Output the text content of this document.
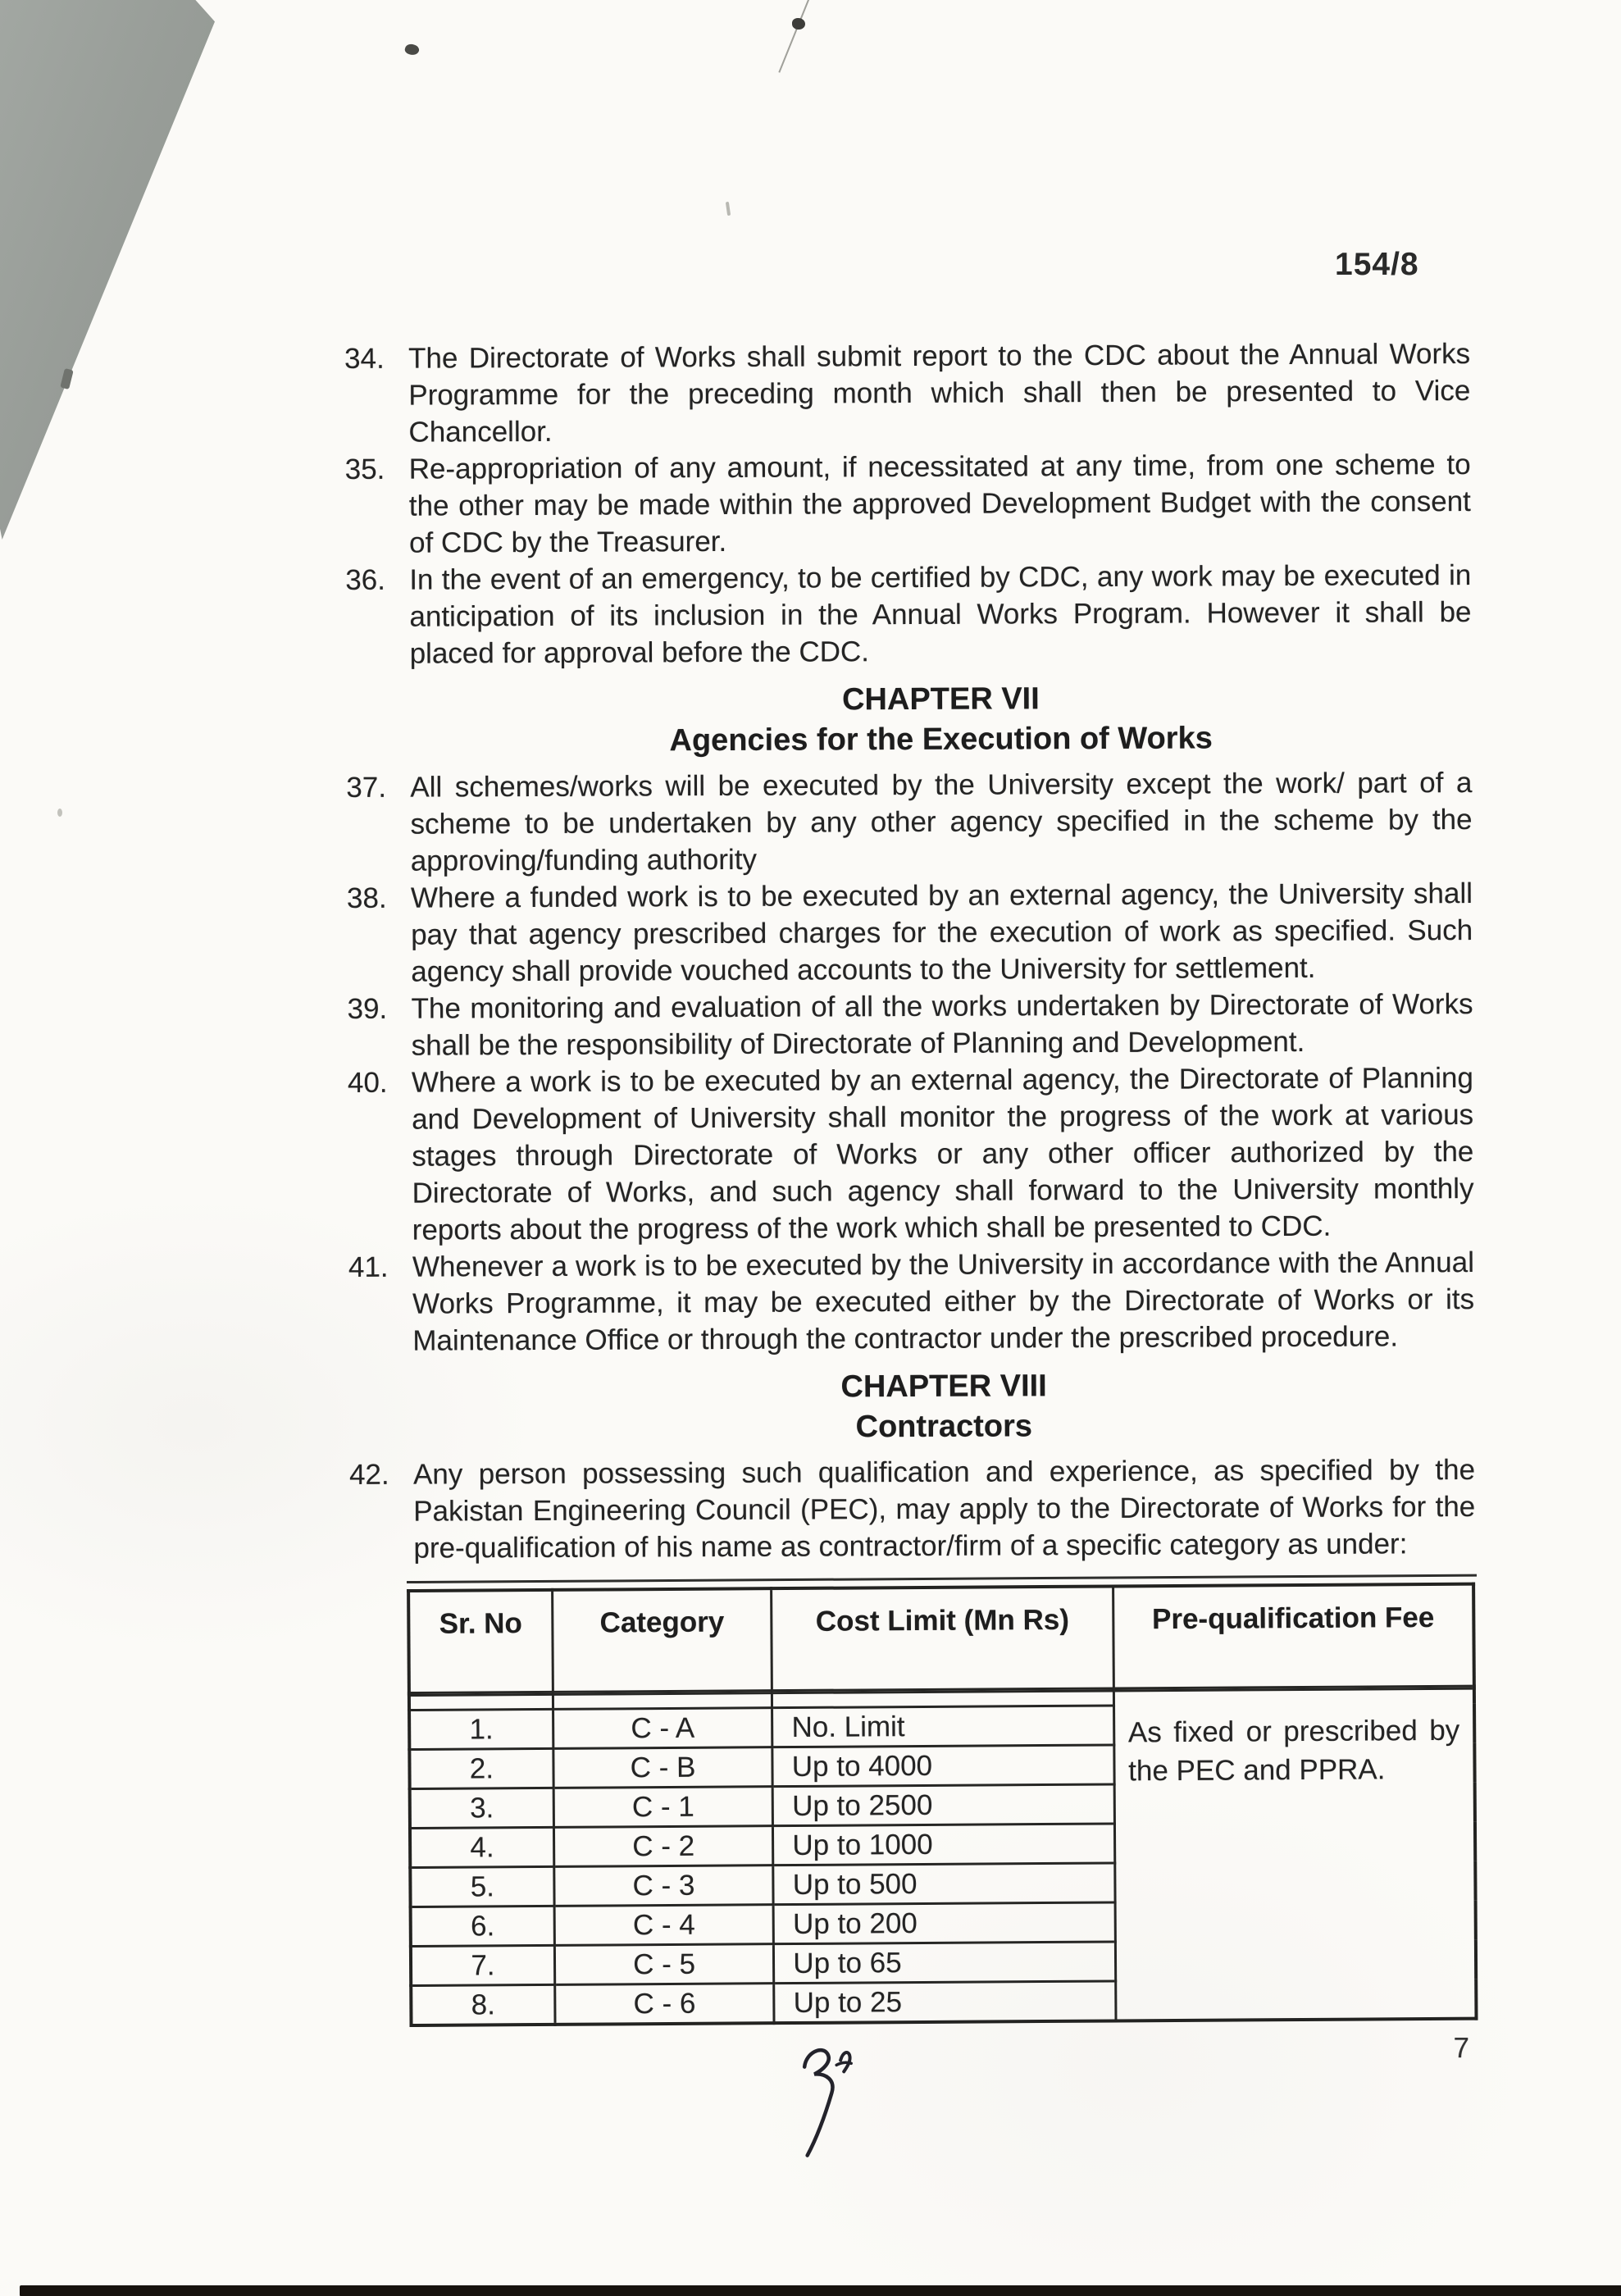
154/8
34. The Directorate of Works shall submit report to the CDC about the Annual Works Programme for the preceding month which shall then be presented to Vice Chancellor.
35. Re-appropriation of any amount, if necessitated at any time, from one scheme to the other may be made within the approved Development Budget with the consent of CDC by the Treasurer.
36. In the event of an emergency, to be certified by CDC, any work may be executed in anticipation of its inclusion in the Annual Works Program. However it shall be placed for approval before the CDC.
CHAPTER VII
Agencies for the Execution of Works
37. All schemes/works will be executed by the University except the work/ part of a scheme to be undertaken by any other agency specified in the scheme by the approving/funding authority
38. Where a funded work is to be executed by an external agency, the University shall pay that agency prescribed charges for the execution of work as specified. Such agency shall provide vouched accounts to the University for settlement.
39. The monitoring and evaluation of all the works undertaken by Directorate of Works shall be the responsibility of Directorate of Planning and Development.
40. Where a work is to be executed by an external agency, the Directorate of Planning and Development of University shall monitor the progress of the work at various stages through Directorate of Works or any other officer authorized by the Directorate of Works, and such agency shall forward to the University monthly reports about the progress of the work which shall be presented to CDC.
41. Whenever a work is to be executed by the University in accordance with the Annual Works Programme, it may be executed either by the Directorate of Works or its Maintenance Office or through the contractor under the prescribed procedure.
CHAPTER VIII
Contractors
42. Any person possessing such qualification and experience, as specified by the Pakistan Engineering Council (PEC), may apply to the Directorate of Works for the pre-qualification of his name as contractor/firm of a specific category as under:
Sr. No	Category	Cost Limit (Mn Rs)	Pre-qualification Fee
			As fixed or prescribed by the PEC and PPRA.
1.	C - A	No. Limit	
2.	C - B	Up to 4000	
3.	C - 1	Up to 2500	
4.	C - 2	Up to 1000	
5.	C - 3	Up to 500	
6.	C - 4	Up to 200	
7.	C - 5	Up to 65	
8.	C - 6	Up to 25	
7
